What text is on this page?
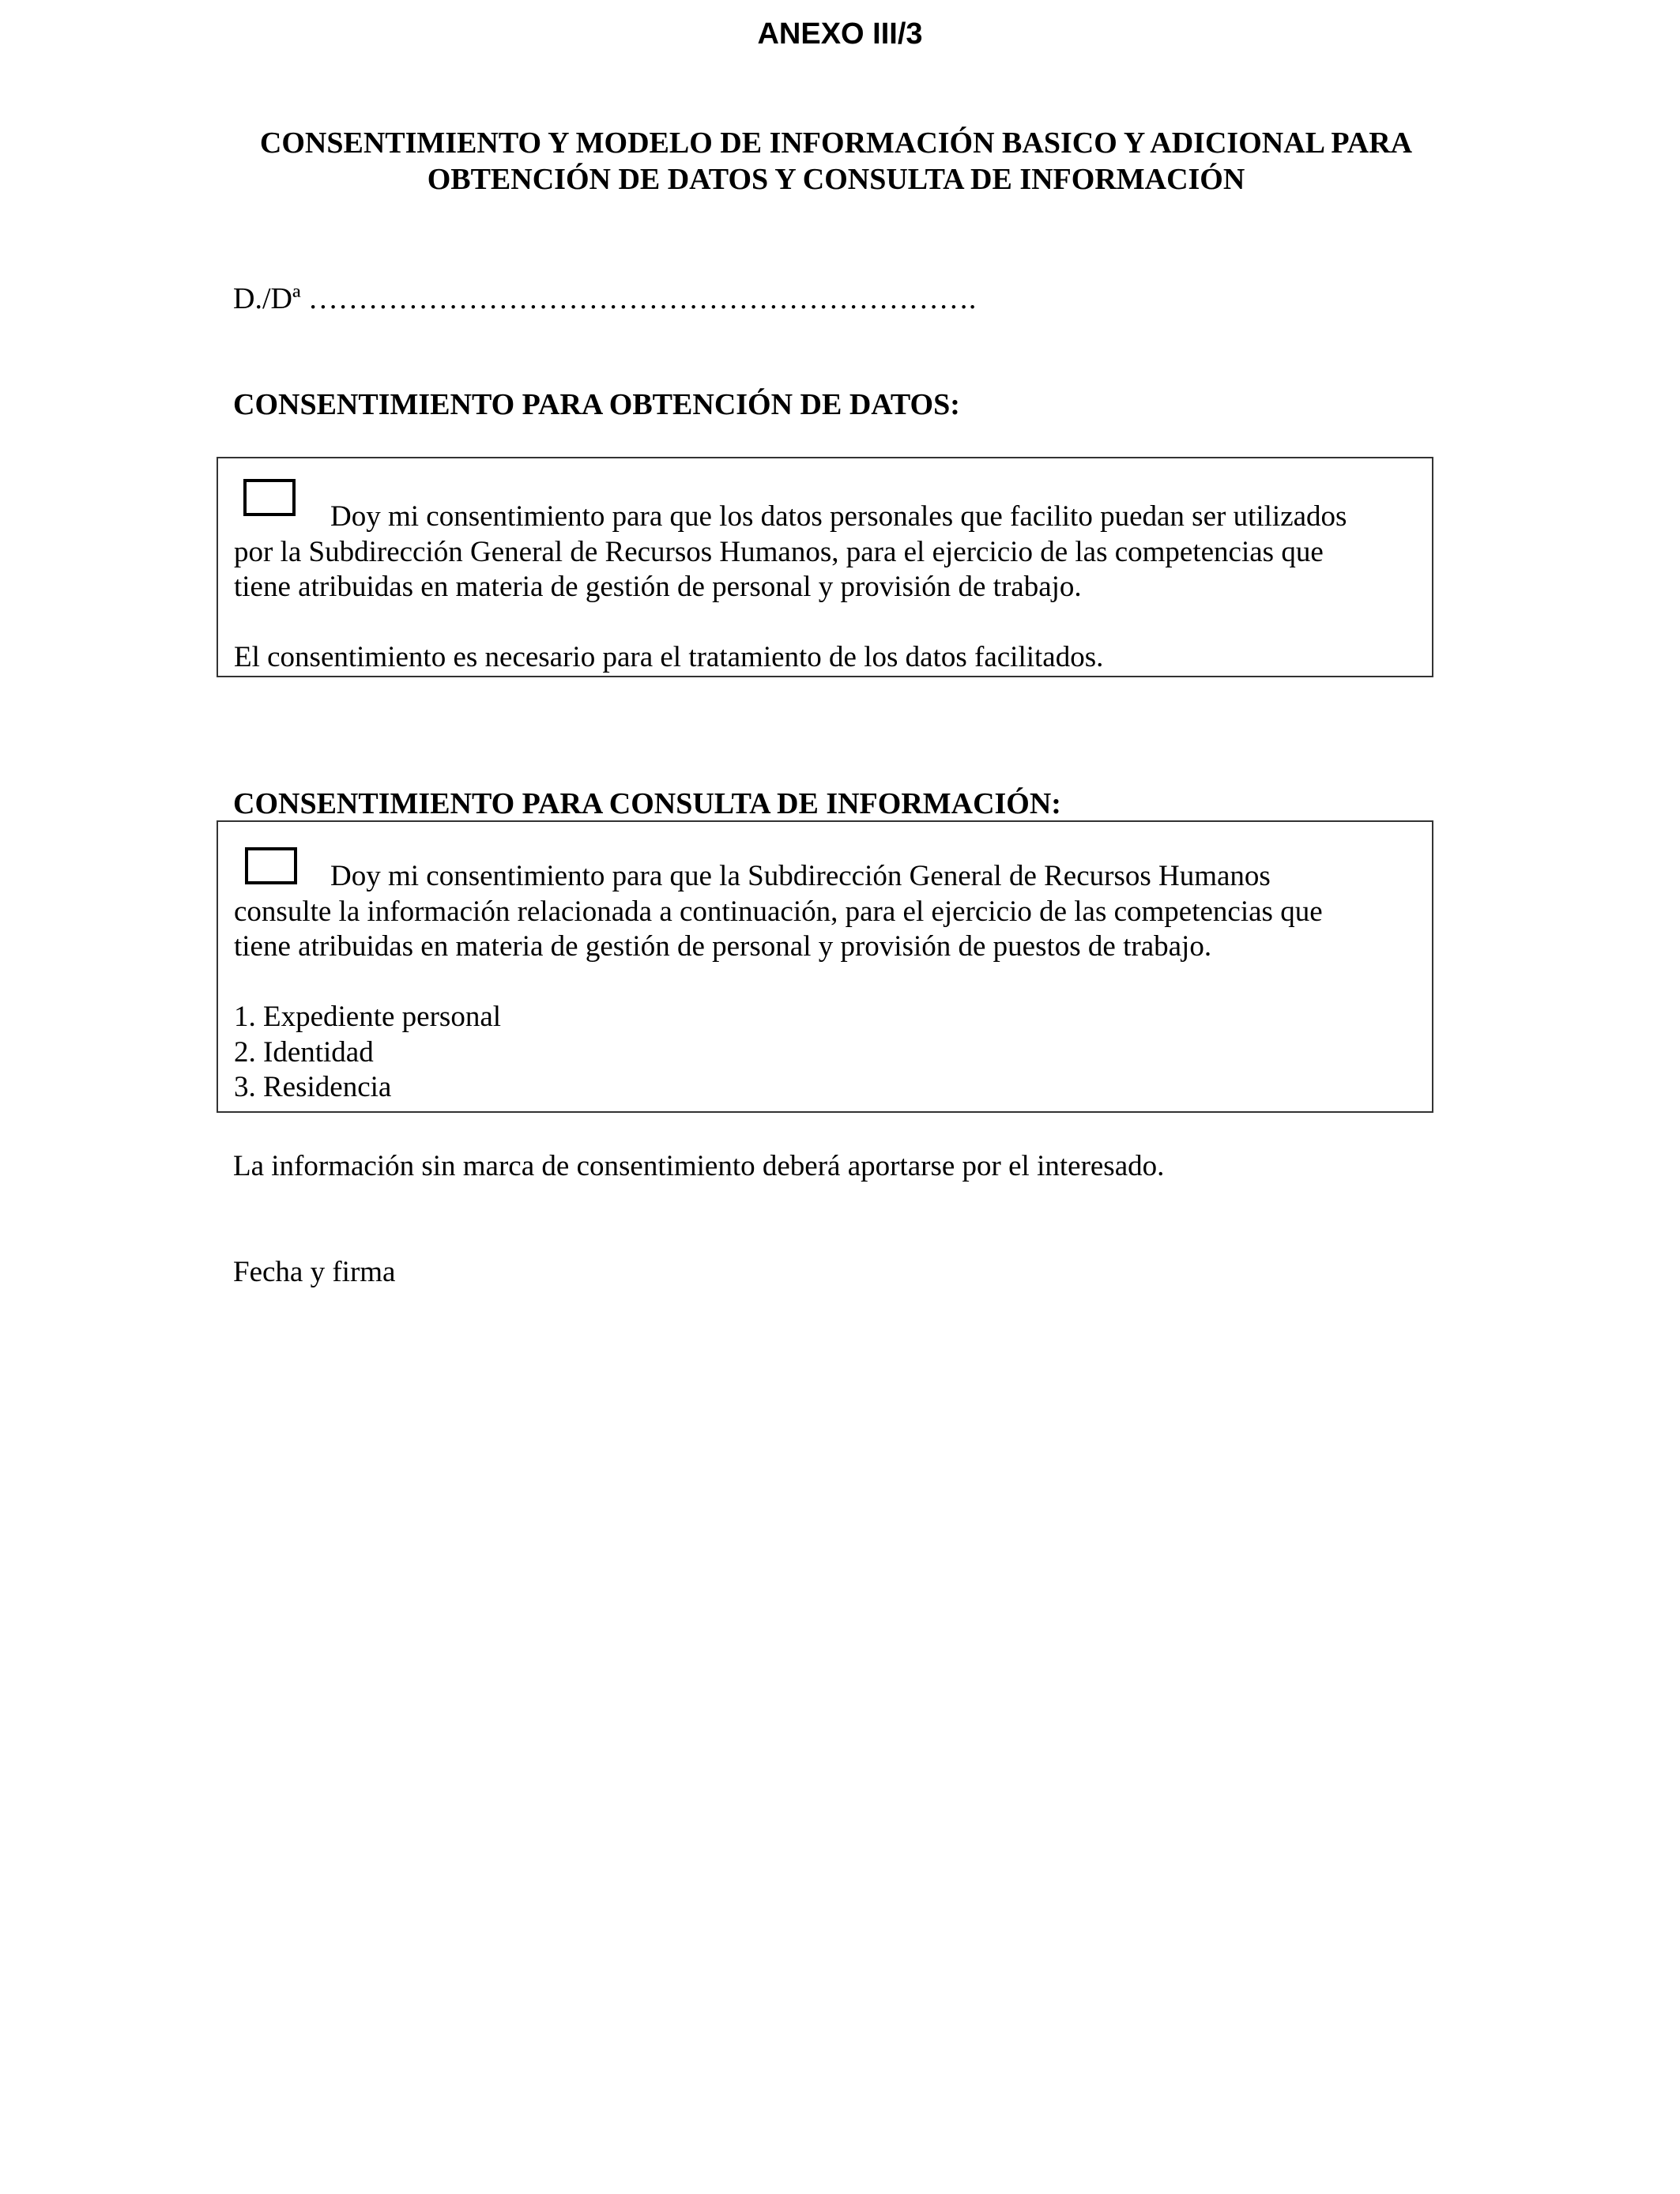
ANEXO III/3
CONSENTIMIENTO Y MODELO DE INFORMACIÓN BASICO Y ADICIONAL PARA
OBTENCIÓN DE DATOS Y CONSULTA DE INFORMACIÓN
D./Dª ………………………………………………………….
CONSENTIMIENTO PARA OBTENCIÓN DE DATOS:
Doy mi consentimiento para que los datos personales que facilito puedan ser utilizados
por la Subdirección General de Recursos Humanos, para el ejercicio de las competencias que
tiene atribuidas en materia de gestión de personal y provisión de trabajo.
El consentimiento es necesario para el tratamiento de los datos facilitados.
CONSENTIMIENTO PARA CONSULTA DE INFORMACIÓN:
Doy mi consentimiento para que la Subdirección General de Recursos Humanos
consulte la información relacionada a continuación, para el ejercicio de las competencias que
tiene atribuidas en materia de gestión de personal y provisión de puestos de trabajo.
1. Expediente personal
2. Identidad
3. Residencia
La información sin marca de consentimiento deberá aportarse por el interesado.
Fecha y firma
